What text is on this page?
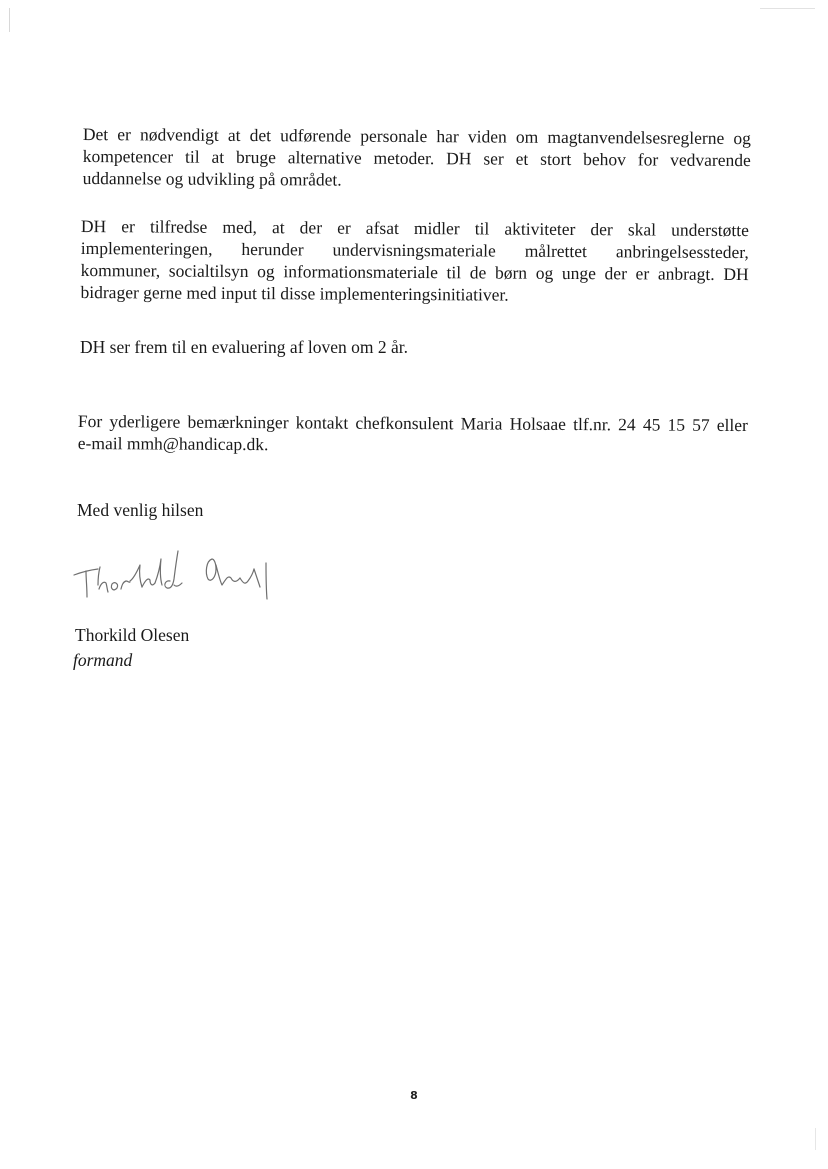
Det er nødvendigt at det udførende personale har viden om magtanvendelsesreglerne og
kompetencer til at bruge alternative metoder. DH ser et stort behov for vedvarende
uddannelse og udvikling på området.
DH er tilfredse med, at der er afsat midler til aktiviteter der skal understøtte
implementeringen, herunder undervisningsmateriale målrettet anbringelsessteder,
kommuner, socialtilsyn og informationsmateriale til de børn og unge der er anbragt. DH
bidrager gerne med input til disse implementeringsinitiativer.
DH ser frem til en evaluering af loven om 2 år.
For yderligere bemærkninger kontakt chefkonsulent Maria Holsaae tlf.nr. 24 45 15 57 eller
e-mail mmh@handicap.dk.
Med venlig hilsen
Thorkild Olesen
formand
8
